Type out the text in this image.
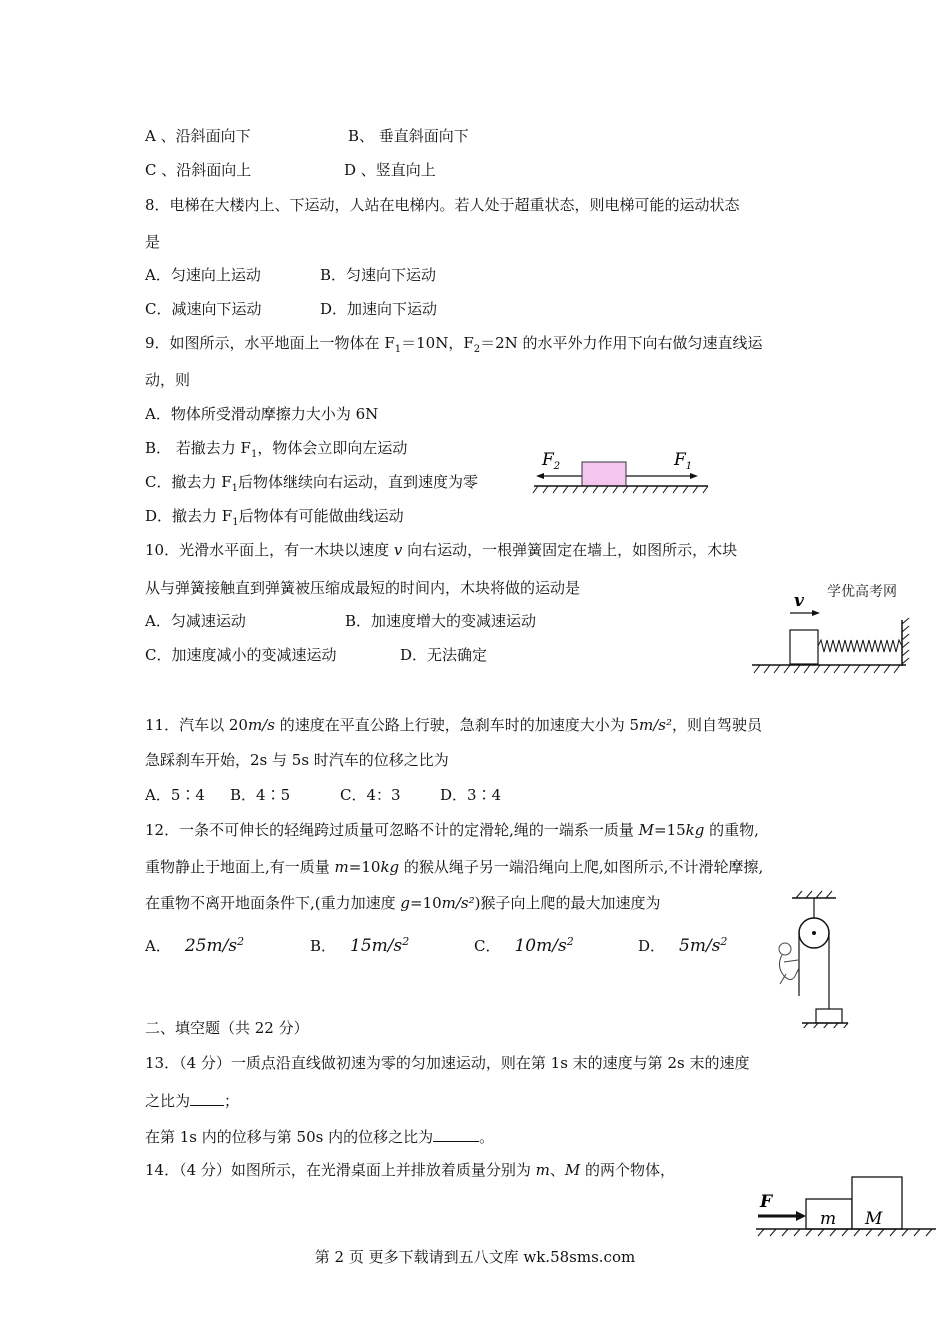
A 、沿斜面向下	B、 垂直斜面向下
C 、沿斜面向上	D 、竖直向上
8．电梯在大楼内上、下运动，人站在电梯内。若人处于超重状态，则电梯可能的运动状态
是
A．匀速向上运动	B．匀速向下运动
C．减速向下运动	D．加速向下运动
9．如图所示，水平地面上一物体在 $F_1=10N$，$F_2=2N$ 的水平外力作用下向右做匀速直线运
动，则
A．物体所受滑动摩擦力大小为 6N
B． 若撤去力 $F_1$，物体会立即向左运动
C．撤去力 $F_1$后物体继续向右运动，直到速度为零
D．撤去力 $F_1$后物体有可能做曲线运动
$F_2$	$F_1$
10．光滑水平面上，有一木块以速度 v 向右运动，一根弹簧固定在墙上，如图所示，木块
从与弹簧接触直到弹簧被压缩成最短的时间内，木块将做的运动是
A．匀减速运动	B．加速度增大的变减速运动
C．加速度减小的变减速运动	D．无法确定
学优高考网
v
11．汽车以 20m/s 的速度在平直公路上行驶，急刹车时的加速度大小为 5m/s²，则自驾驶员
急踩刹车开始，2s 与 5s 时汽车的位移之比为
A．5∶4 B．4∶5	C．4：3	D．3∶4
12．一条不可伸长的轻绳跨过质量可忽略不计的定滑轮,绳的一端系一质量 M=15kg 的重物,
重物静止于地面上,有一质量 m=10kg 的猴从绳子另一端沿绳向上爬,如图所示,不计滑轮摩擦,
在重物不离开地面条件下,(重力加速度 g=10m/s²)猴子向上爬的最大加速度为
A． $25m/s^2$	B． $15m/s^2$	C． $10m/s^2$	D． $5m/s^2$
二、填空题（共 22 分）
13．（4 分）一质点沿直线做初速为零的匀加速运动，则在第 1s 末的速度与第 2s 末的速度
之比为 ；
在第 1s 内的位移与第 50s 内的位移之比为	。
14．（4 分）如图所示，在光滑桌面上并排放着质量分别为 m、M 的两个物体，
F
m M
第 2 页 更多下载请到五八文库 wk.58sms.com
